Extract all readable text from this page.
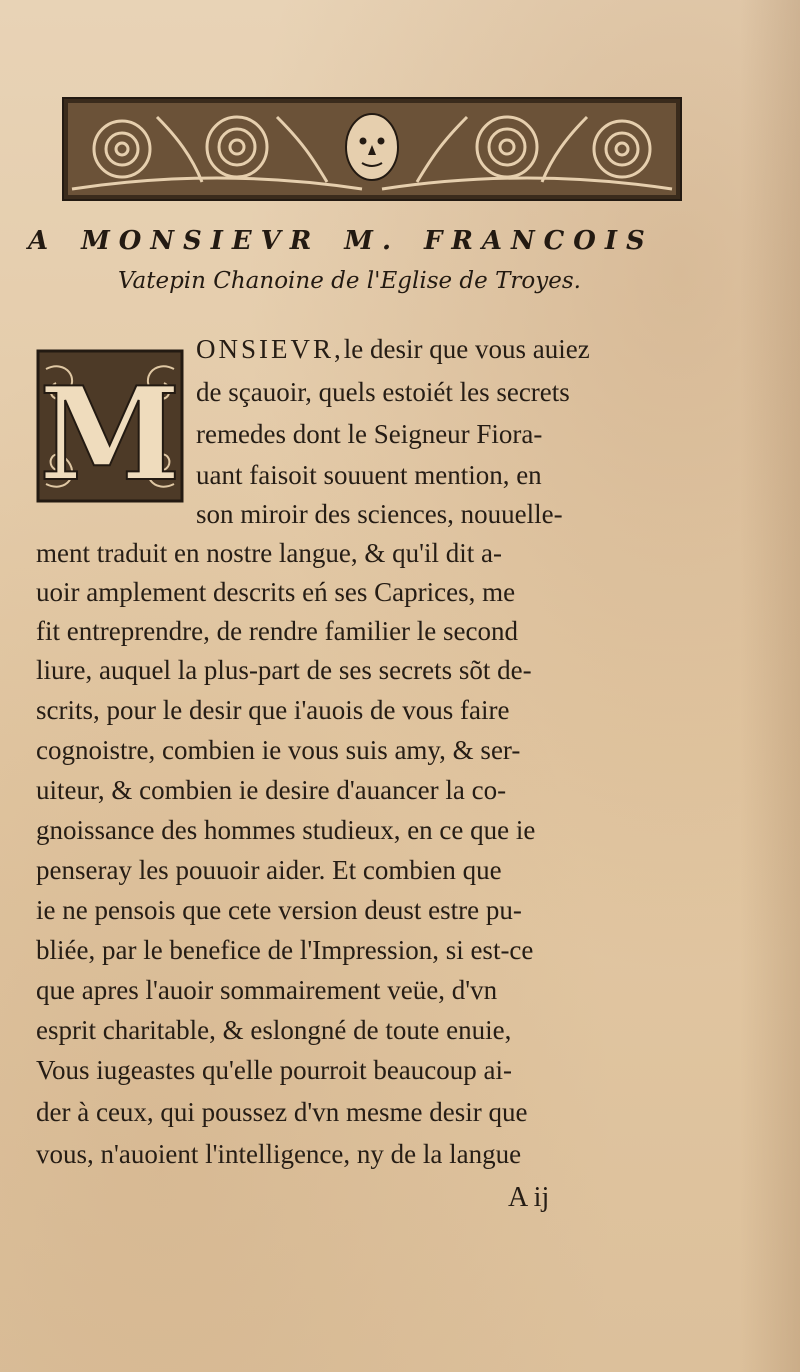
A MONSIEVR M. FRANCOIS
Vatepin Chanoine de l'Eglise de Troyes.
M
ONSIEVR,le desir que vous auiez
de sçauoir, quels estoiét les secrets
remedes dont le Seigneur Fiora-
uant faisoit souuent mention, en
son miroir des sciences, nouuelle-
ment traduit en nostre langue, & qu'il dit a-
uoir amplement descrits eń ses Caprices, me
fit entreprendre, de rendre familier le second
liure, auquel la plus-part de ses secrets sõt de-
scrits, pour le desir que i'auois de vous faire
cognoistre, combien ie vous suis amy, & ser-
uiteur, & combien ie desire d'auancer la co-
gnoissance des hommes studieux, en ce que ie
penseray les pouuoir aider. Et combien que
ie ne pensois que cete version deust estre pu-
bliée, par le benefice de l'Impression, si est-ce
que apres l'auoir sommairement veüe, d'vn
esprit charitable, & eslongné de toute enuie,
Vous iugeastes qu'elle pourroit beaucoup ai-
der à ceux, qui poussez d'vn mesme desir que
vous, n'auoient l'intelligence, ny de la langue
A ij
